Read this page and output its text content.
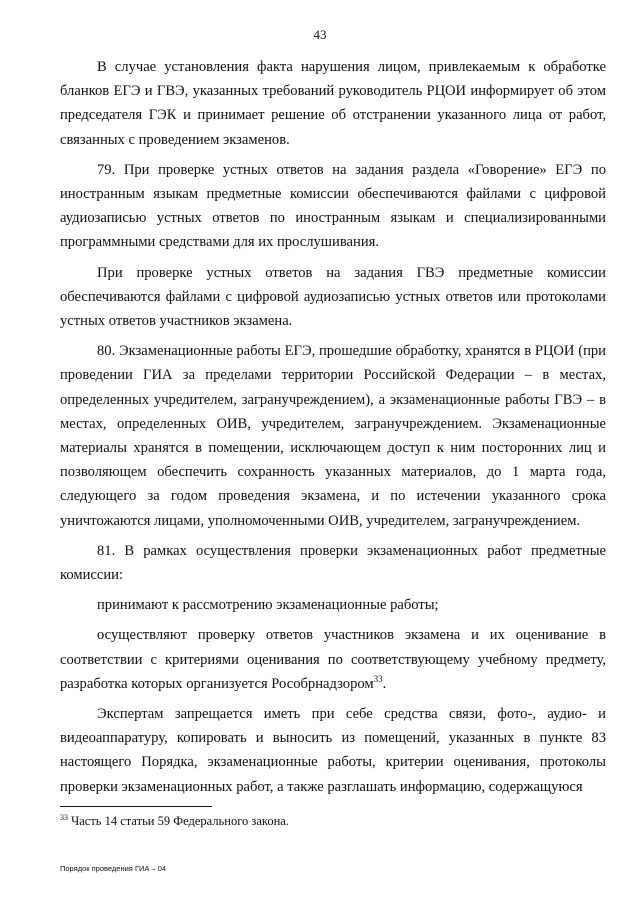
43

В случае установления факта нарушения лицом, привлекаемым к обработке бланков ЕГЭ и ГВЭ, указанных требований руководитель РЦОИ информирует об этом председателя ГЭК и принимает решение об отстранении указанного лица от работ, связанных с проведением экзаменов.

79. При проверке устных ответов на задания раздела «Говорение» ЕГЭ по иностранным языкам предметные комиссии обеспечиваются файлами с цифровой аудиозаписью устных ответов по иностранным языкам и специализированными программными средствами для их прослушивания.

При проверке устных ответов на задания ГВЭ предметные комиссии обеспечиваются файлами с цифровой аудиозаписью устных ответов или протоколами устных ответов участников экзамена.

80. Экзаменационные работы ЕГЭ, прошедшие обработку, хранятся в РЦОИ (при проведении ГИА за пределами территории Российской Федерации – в местах, определенных учредителем, загранучреждением), а экзаменационные работы ГВЭ – в местах, определенных ОИВ, учредителем, загранучреждением. Экзаменационные материалы хранятся в помещении, исключающем доступ к ним посторонних лиц и позволяющем обеспечить сохранность указанных материалов, до 1 марта года, следующего за годом проведения экзамена, и по истечении указанного срока уничтожаются лицами, уполномоченными ОИВ, учредителем, загранучреждением.

81. В рамках осуществления проверки экзаменационных работ предметные комиссии:

принимают к рассмотрению экзаменационные работы;

осуществляют проверку ответов участников экзамена и их оценивание в соответствии с критериями оценивания по соответствующему учебному предмету, разработка которых организуется Рособрнадзором$^{33}$.

Экспертам запрещается иметь при себе средства связи, фото-, аудио- и видеоаппаратуру, копировать и выносить из помещений, указанных в пункте 83 настоящего Порядка, экзаменационные работы, критерии оценивания, протоколы проверки экзаменационных работ, а также разглашать информацию, содержащуюся

$^{33}$ Часть 14 статьи 59 Федерального закона.
Порядок проведения ГИА – 04
